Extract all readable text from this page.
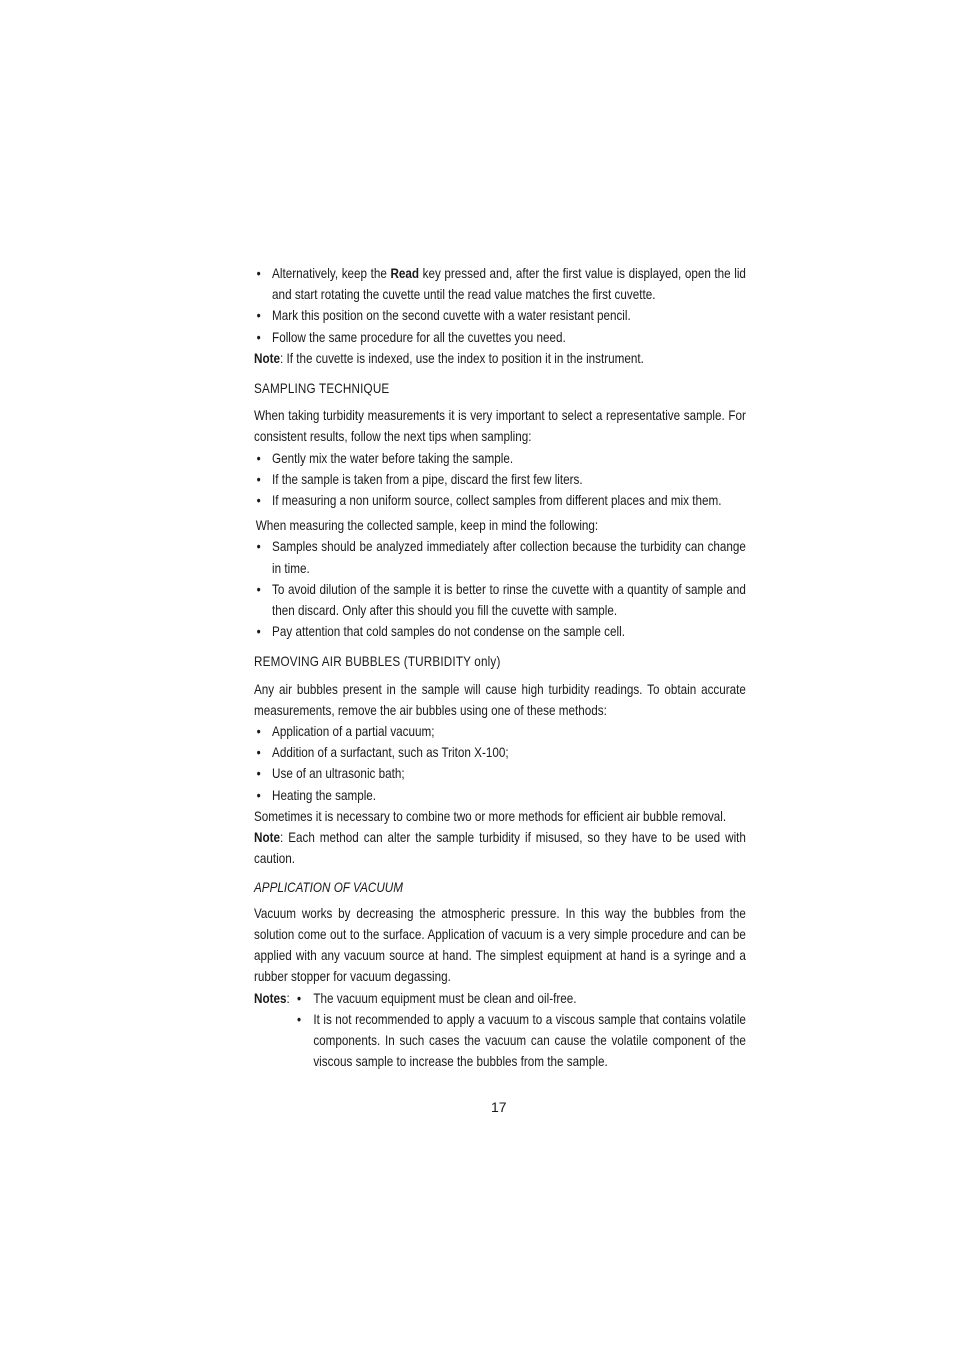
• Alternatively, keep the Read key pressed and, after the first value is displayed, open the lid and start rotating the cuvette until the read value matches the first cuvette.
• Mark this position on the second cuvette with a water resistant pencil.
• Follow the same procedure for all the cuvettes you need.

Note: If the cuvette is indexed, use the index to position it in the instrument.

SAMPLING TECHNIQUE

When taking turbidity measurements it is very important to select a representative sample. For consistent results, follow the next tips when sampling:

• Gently mix the water before taking the sample.
• If the sample is taken from a pipe, discard the first few liters.
• If measuring a non uniform source, collect samples from different places and mix them.

When measuring the collected sample, keep in mind the following:

• Samples should be analyzed immediately after collection because the turbidity can change in time.
• To avoid dilution of the sample it is better to rinse the cuvette with a quantity of sample and then discard. Only after this should you fill the cuvette with sample.
• Pay attention that cold samples do not condense on the sample cell.
REMOVING AIR BUBBLES (TURBIDITY only)

Any air bubbles present in the sample will cause high turbidity readings. To obtain accurate measurements, remove the air bubbles using one of these methods:

• Application of a partial vacuum;
• Addition of a surfactant, such as Triton X-100;
• Use of an ultrasonic bath;
• Heating the sample.

Sometimes it is necessary to combine two or more methods for efficient air bubble removal.

Note: Each method can alter the sample turbidity if misused, so they have to be used with caution.

APPLICATION OF VACUUM

Vacuum works by decreasing the atmospheric pressure. In this way the bubbles from the solution come out to the surface. Application of vacuum is a very simple procedure and can be applied with any vacuum source at hand. The simplest equipment at hand is a syringe and a rubber stopper for vacuum degassing.

Notes: • The vacuum equipment must be clean and oil-free.
• It is not recommended to apply a vacuum to a viscous sample that contains volatile components. In such cases the vacuum can cause the volatile component of the viscous sample to increase the bubbles from the sample.
17
